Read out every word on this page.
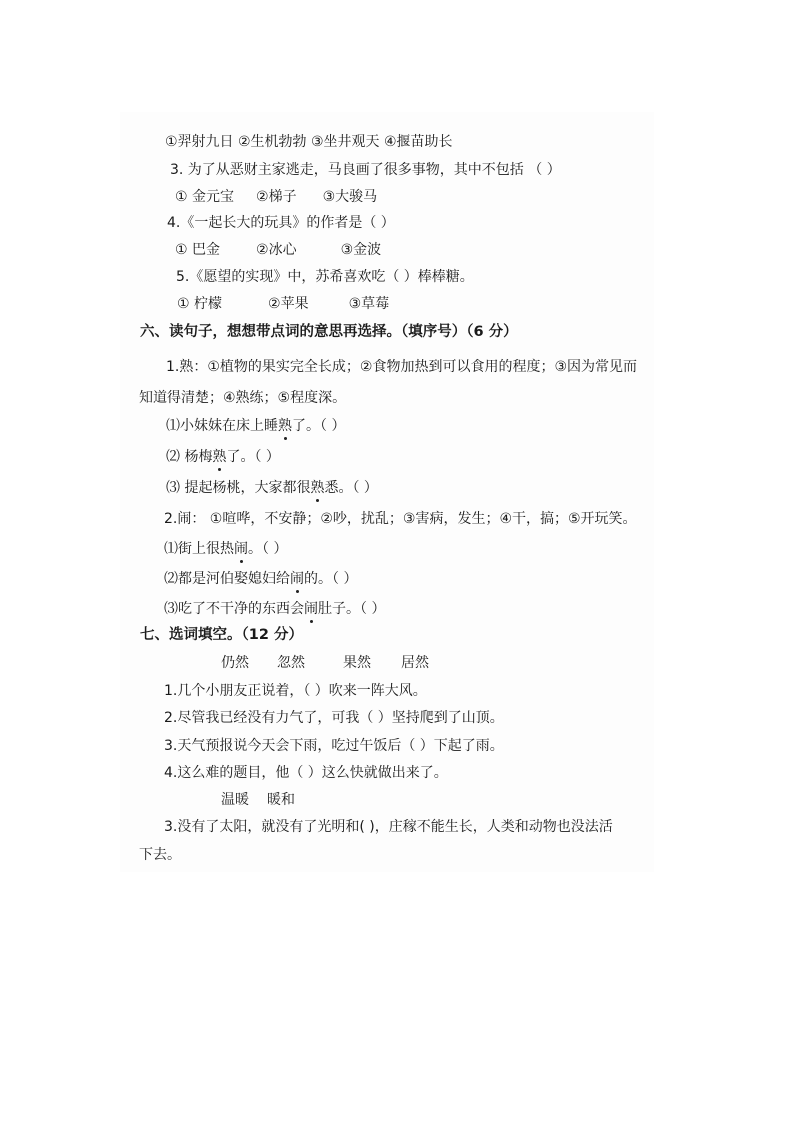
①羿射九日 ②生机勃勃 ③坐井观天 ④揠苗助长
3. 为了从恶财主家逃走，马良画了很多事物，其中不包括 （ ）
① 金元宝 ②梯子 ③大骏马
4.《一起长大的玩具》的作者是（ ）
① 巴金	②冰心	③金波
5.《愿望的实现》中，苏希喜欢吃（ ）棒棒糖。
① 柠檬	②苹果	③草莓
六、读句子，想想带点词的意思再选择。（填序号）（6 分）
1.熟：①植物的果实完全长成；②食物加热到可以食用的程度；③因为常见而
知道得清楚；④熟练；⑤程度深。
⑴小妹妹在床上睡熟了。（ ）
⑵ 杨梅熟了。（ ）
⑶ 提起杨桃，大家都很熟悉。（ ）
2.闹： ①喧哗，不安静；②吵，扰乱；③害病，发生；④干，搞；⑤开玩笑。
⑴街上很热闹。（ ）
⑵都是河伯娶媳妇给闹的。（ ）
⑶吃了不干净的东西会闹肚子。（ ）
七、选词填空。（12 分）
仍然 忽然	果然 居然
1.几个小朋友正说着，（ ）吹来一阵大风。
2.尽管我已经没有力气了，可我（ ）坚持爬到了山顶。
3.天气预报说今天会下雨，吃过午饭后（ ）下起了雨。
4.这么难的题目，他（ ）这么快就做出来了。
温暖 暖和
3.没有了太阳，就没有了光明和( )，庄稼不能生长，人类和动物也没法活
下去。
